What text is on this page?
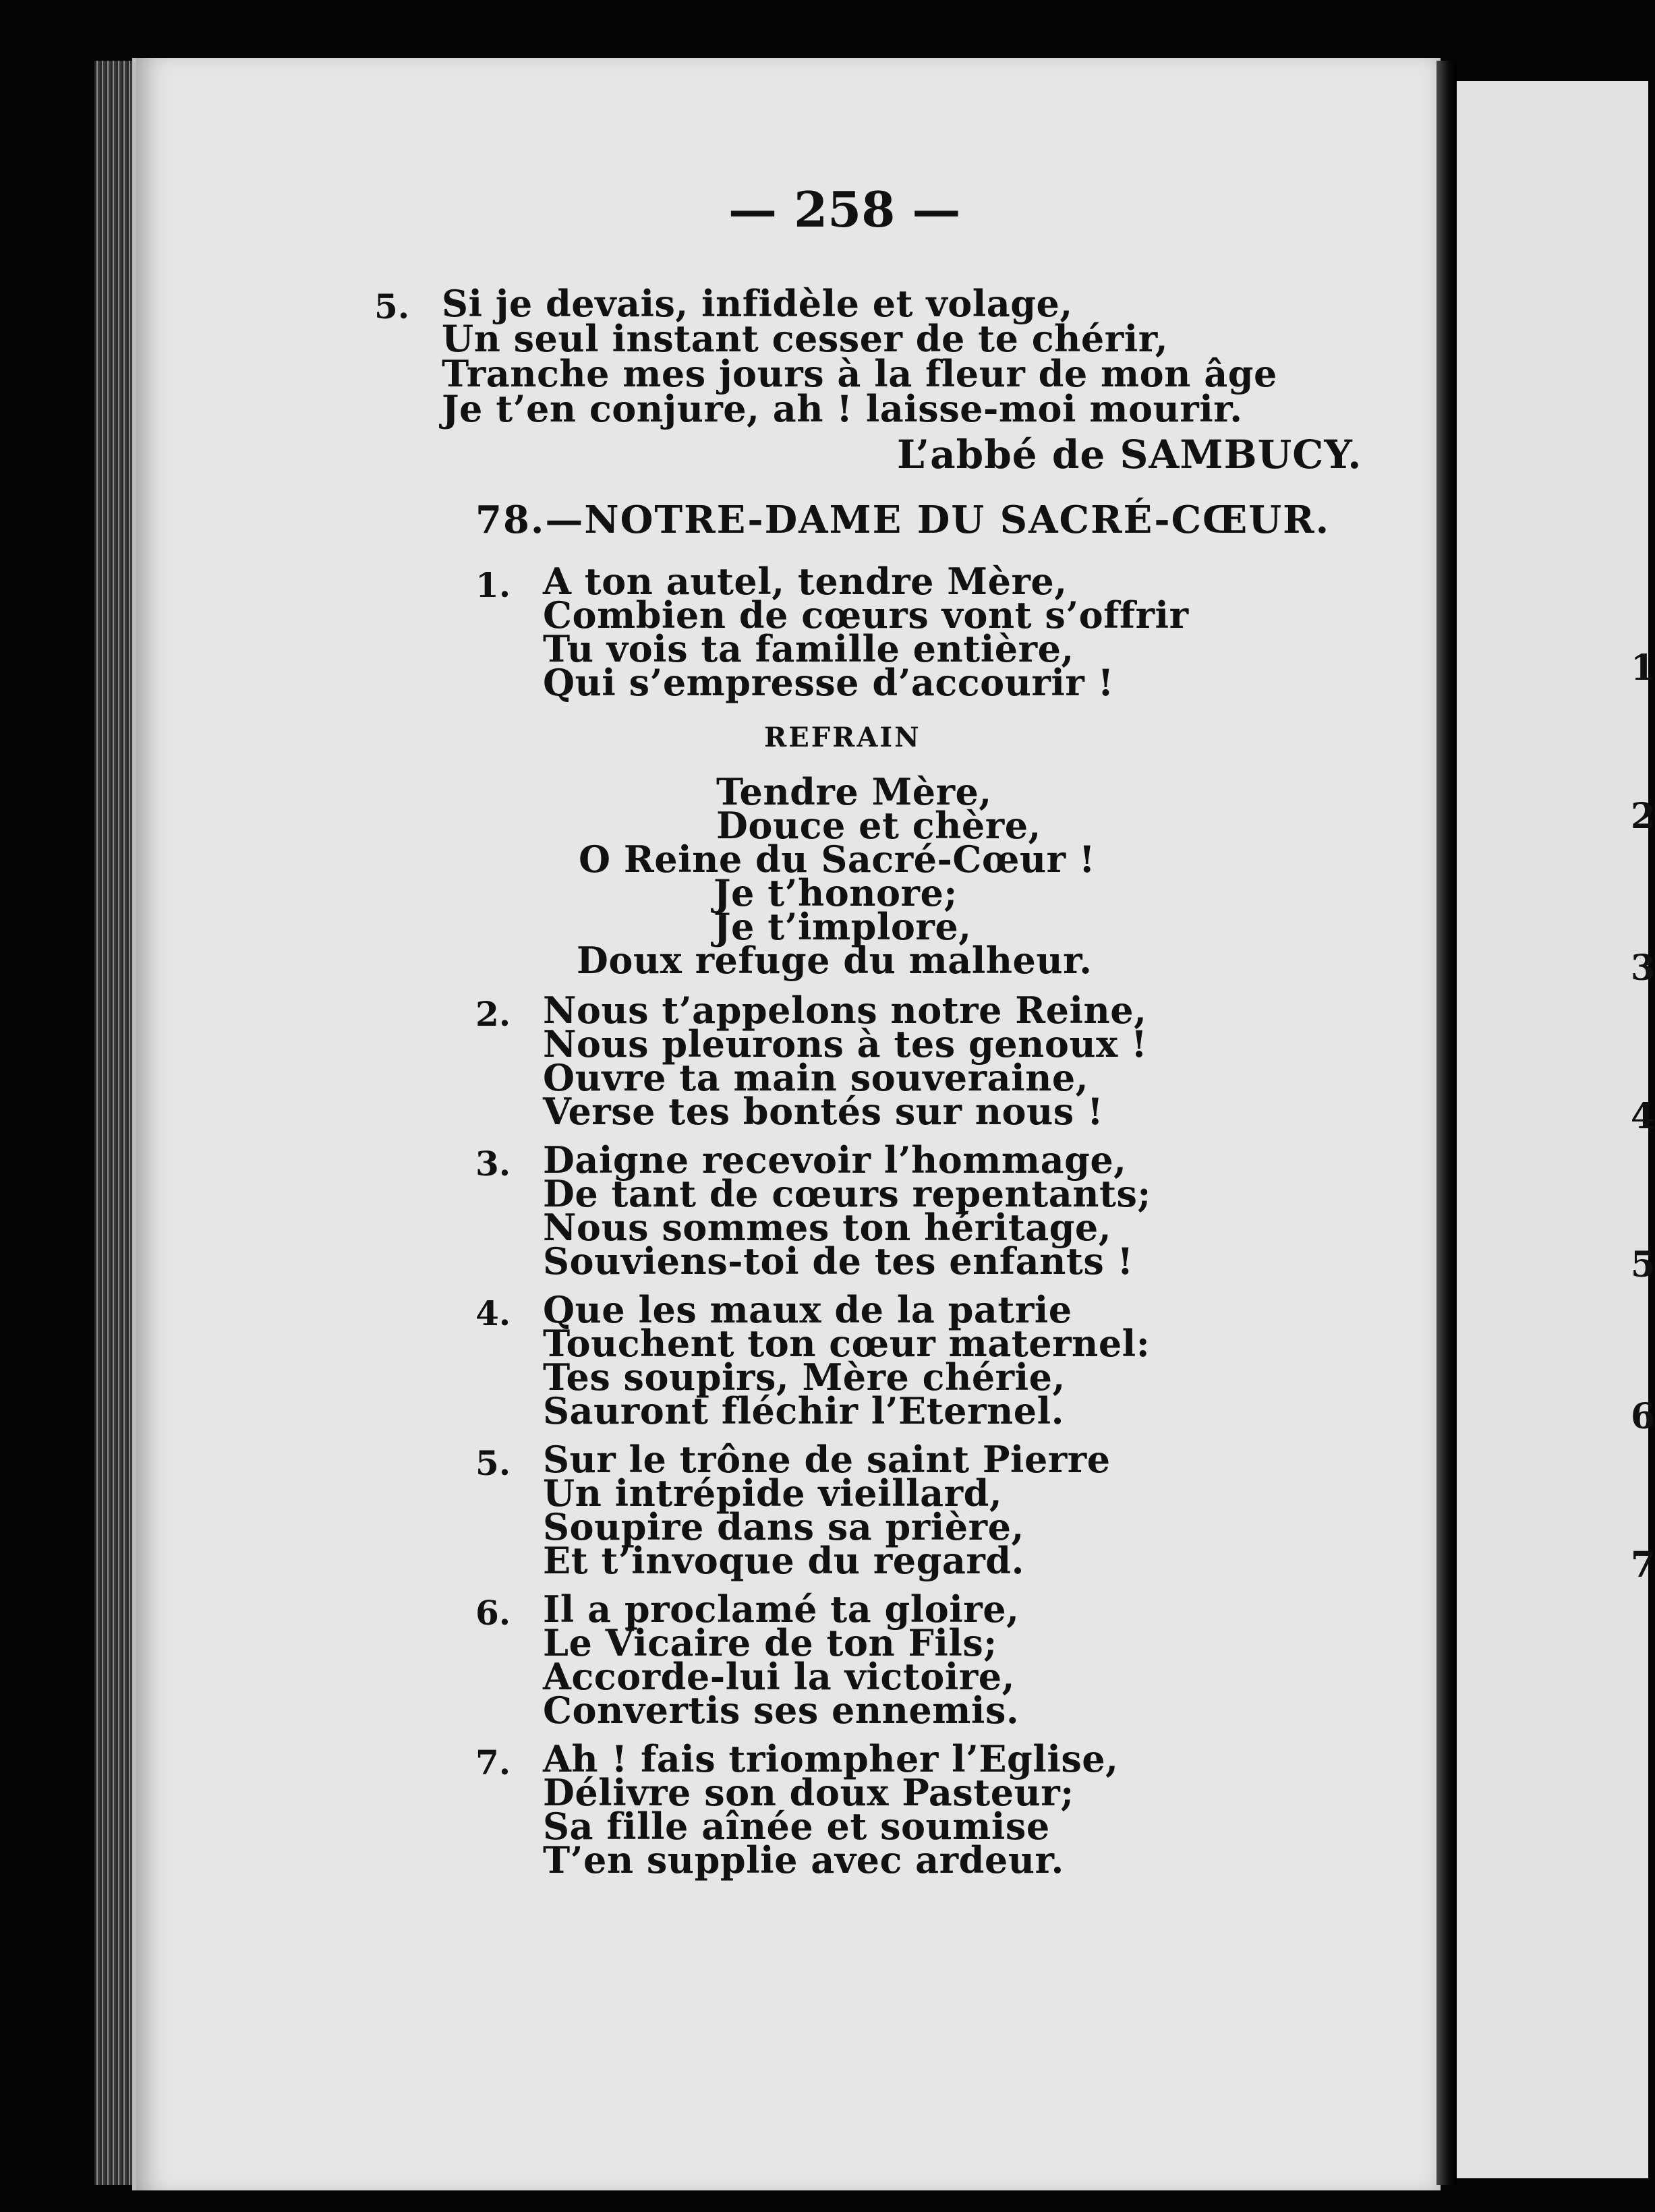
1
2
3
4
5
6
7
— 258 —
5. Si je devais, infidèle et volage,
Un seul instant cesser de te chérir,
Tranche mes jours à la fleur de mon âge
Je t’en conjure, ah ! laisse-moi mourir.
L’abbé de SAMBUCY.
78.—NOTRE-DAME DU SACRÉ-CŒUR.
1. A ton autel, tendre Mère,
Combien de cœurs vont s’offrir
Tu vois ta famille entière,
Qui s’empresse d’accourir !
REFRAIN
Tendre Mère,
Douce et chère,
O Reine du Sacré-Cœur !
Je t’honore;
Je t’implore,
Doux refuge du malheur.
2. Nous t’appelons notre Reine,
Nous pleurons à tes genoux !
Ouvre ta main souveraine,
Verse tes bontés sur nous !
3. Daigne recevoir l’hommage,
De tant de cœurs repentants;
Nous sommes ton héritage,
Souviens-toi de tes enfants !
4. Que les maux de la patrie
Touchent ton cœur maternel:
Tes soupirs, Mère chérie,
Sauront fléchir l’Eternel.
5. Sur le trône de saint Pierre
Un intrépide vieillard,
Soupire dans sa prière,
Et t’invoque du regard.
6. Il a proclamé ta gloire,
Le Vicaire de ton Fils;
Accorde-lui la victoire,
Convertis ses ennemis.
7. Ah ! fais triompher l’Eglise,
Délivre son doux Pasteur;
Sa fille aînée et soumise
T’en supplie avec ardeur.
